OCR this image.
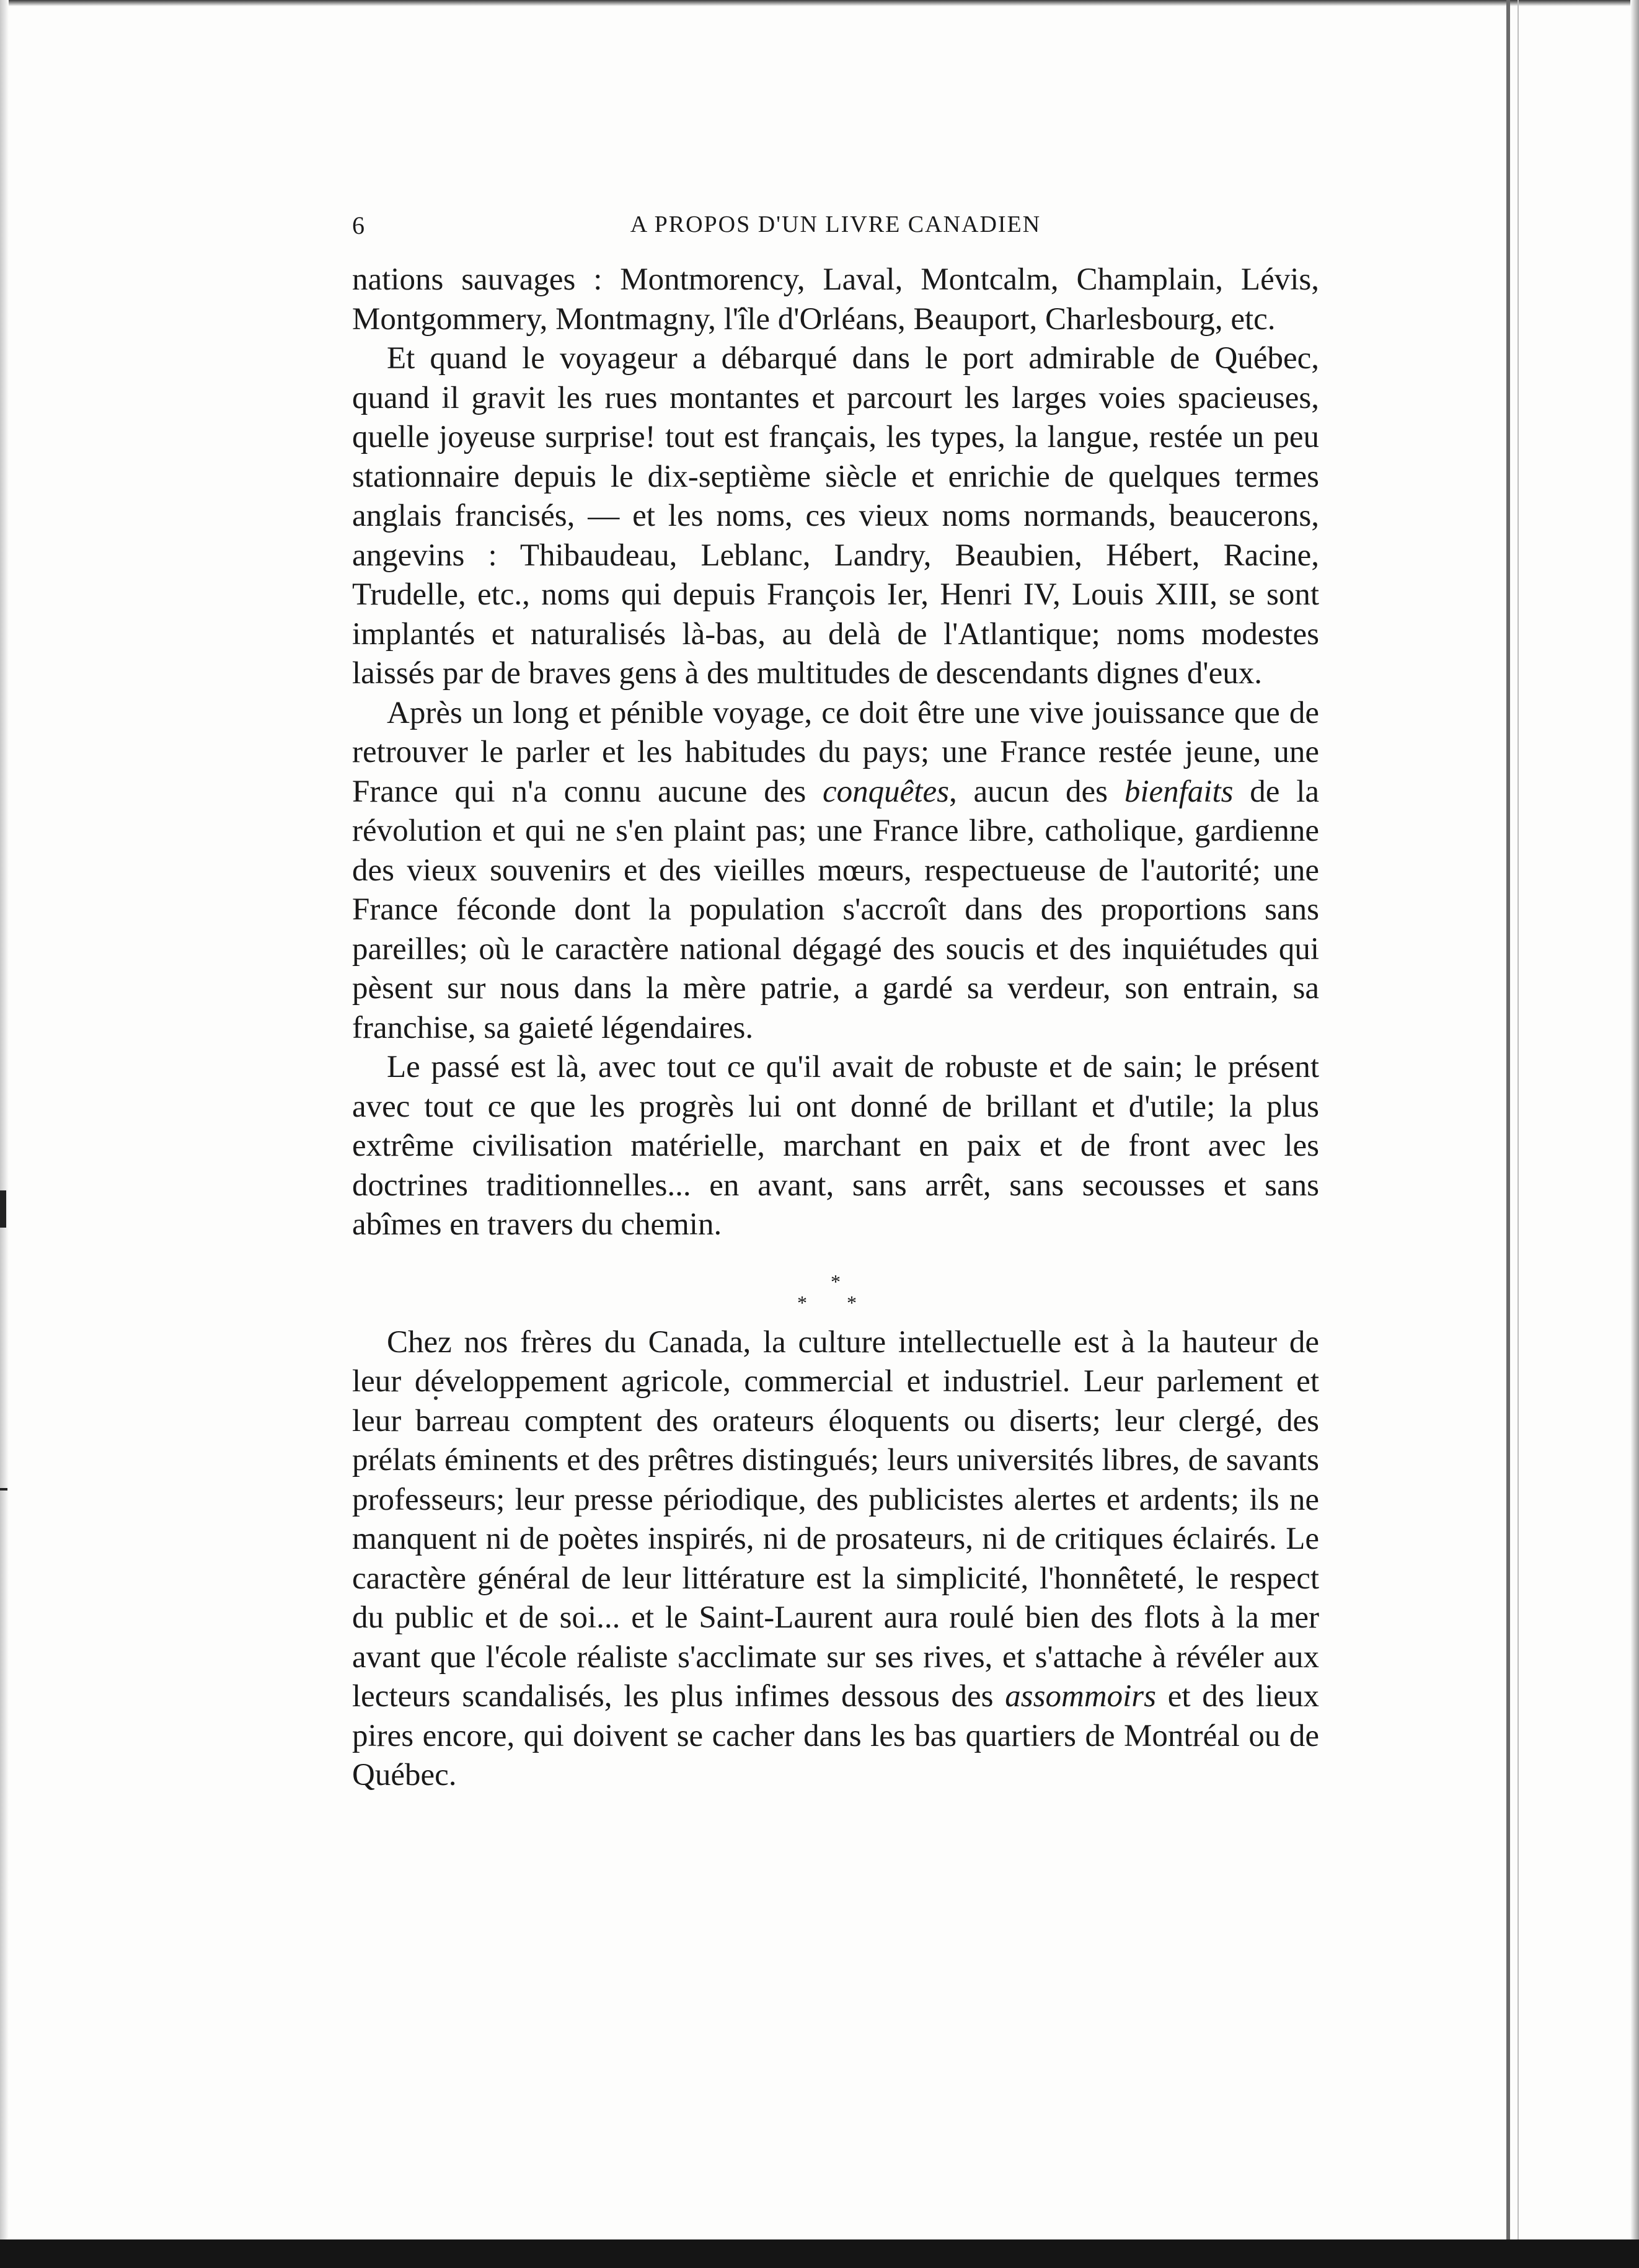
6	A PROPOS D'UN LIVRE CANADIEN

nations sauvages : Montmorency, Laval, Montcalm, Champlain, Lévis, Montgommery, Montmagny, l'île d'Orléans, Beauport, Charlesbourg, etc.

Et quand le voyageur a débarqué dans le port admirable de Québec, quand il gravit les rues montantes et parcourt les larges voies spacieuses, quelle joyeuse surprise! tout est français, les types, la langue, restée un peu stationnaire depuis le dix-septième siècle et enrichie de quelques termes anglais francisés, — et les noms, ces vieux noms normands, beaucerons, angevins : Thibaudeau, Leblanc, Landry, Beaubien, Hébert, Racine, Trudelle, etc., noms qui depuis François Ier, Henri IV, Louis XIII, se sont implantés et naturalisés là-bas, au delà de l'Atlantique; noms modestes laissés par de braves gens à des multitudes de descendants dignes d'eux.

Après un long et pénible voyage, ce doit être une vive jouissance que de retrouver le parler et les habitudes du pays; une France restée jeune, une France qui n'a connu aucune des conquêtes, aucun des bienfaits de la révolution et qui ne s'en plaint pas; une France libre, catholique, gardienne des vieux souvenirs et des vieilles mœurs, respectueuse de l'autorité; une France féconde dont la population s'accroît dans des proportions sans pareilles; où le caractère national dégagé des soucis et des inquiétudes qui pèsent sur nous dans la mère patrie, a gardé sa verdeur, son entrain, sa franchise, sa gaieté légendaires.

Le passé est là, avec tout ce qu'il avait de robuste et de sain; le présent avec tout ce que les progrès lui ont donné de brillant et d'utile; la plus extrême civilisation matérielle, marchant en paix et de front avec les doctrines traditionnelles... en avant, sans arrêt, sans secousses et sans abîmes en travers du chemin.

*
* *

Chez nos frères du Canada, la culture intellectuelle est à la hauteur de leur développement agricole, commercial et industriel. Leur parlement et leur barreau comptent des orateurs éloquents ou diserts; leur clergé, des prélats éminents et des prêtres distingués; leurs universités libres, de savants professeurs; leur presse périodique, des publicistes alertes et ardents; ils ne manquent ni de poètes inspirés, ni de prosateurs, ni de critiques éclairés. Le caractère général de leur littérature est la simplicité, l'honnêteté, le respect du public et de soi... et le Saint-Laurent aura roulé bien des flots à la mer avant que l'école réaliste s'acclimate sur ses rives, et s'attache à révéler aux lecteurs scandalisés, les plus infimes dessous des assommoirs et des lieux pires encore, qui doivent se cacher dans les bas quartiers de Montréal ou de Québec.
